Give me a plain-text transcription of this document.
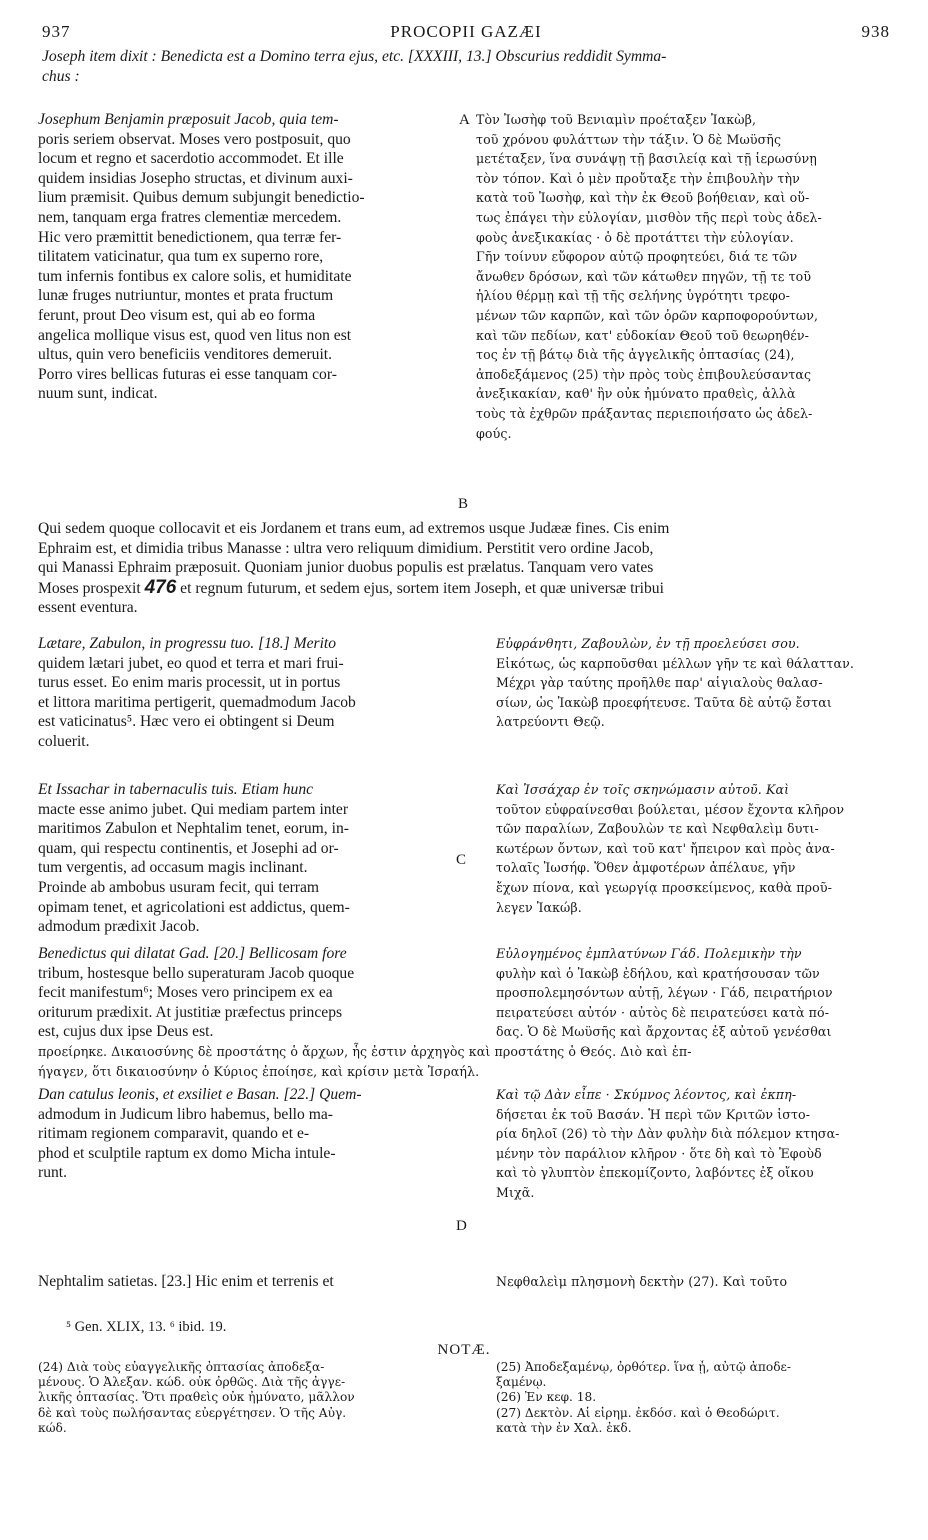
937	PROCOPII GAZÆI	938
Joseph item dixit : Benedicta est a Domino terra ejus, etc. [XXXIII, 13.] Obscurius reddidit Symma-
chus :
Josephum Benjamin præposuit Jacob, quia tem-
poris seriem observat. Moses vero postposuit, quo
locum et regno et sacerdotio accommodet. Et ille
quidem insidias Josepho structas, et divinum auxi-
lium præmisit. Quibus demum subjungit benedictio-
nem, tanquam erga fratres clementiæ mercedem.
Hic vero præmittit benedictionem, qua terræ fer-
tilitatem vaticinatur, qua tum ex superno rore,
tum infernis fontibus ex calore solis, et humiditate
lunæ fruges nutriuntur, montes et prata fructum
ferunt, prout Deo visum est, qui ab eo forma
angelica mollique visus est, quod ven litus non est
ultus, quin vero beneficiis venditores demeruit.
Porro vires bellicas futuras ei esse tanquam cor-
nuum sunt, indicat.
Τὸν Ἰωσὴφ τοῦ Βενιαμὶν προέταξεν Ἰακὼβ,
τοῦ χρόνου φυλάττων τὴν τάξιν. Ὁ δὲ Μωϋσῆς
μετέταξεν, ἵνα συνάψῃ τῇ βασιλείᾳ καὶ τῇ ἱερωσύνῃ
τὸν τόπον. Καὶ ὁ μὲν προὔταξε τὴν ἐπιβουλὴν τὴν
κατὰ τοῦ Ἰωσὴφ, καὶ τὴν ἐκ Θεοῦ βοήθειαν, καὶ οὕ-
τως ἐπάγει τὴν εὐλογίαν, μισθὸν τῆς περὶ τοὺς ἀδελ-
φοὺς ἀνεξικακίας · ὁ δὲ προτάττει τὴν εὐλογίαν.
Γῆν τοίνυν εὔφορον αὐτῷ προφητεύει, διά τε τῶν
ἄνωθεν δρόσων, καὶ τῶν κάτωθεν πηγῶν, τῇ τε τοῦ
ἡλίου θέρμῃ καὶ τῇ τῆς σελήνης ὑγρότητι τρεφο-
μένων τῶν καρπῶν, καὶ τῶν ὀρῶν καρποφορούντων,
καὶ τῶν πεδίων, κατ' εὐδοκίαν Θεοῦ τοῦ θεωρηθέν-
τος ἐν τῇ βάτῳ διὰ τῆς ἀγγελικῆς ὀπτασίας (24),
ἀποδεξάμενος (25) τὴν πρὸς τοὺς ἐπιβουλεύσαντας
ἀνεξικακίαν, καθ' ἣν οὐκ ἠμύνατο πραθεὶς, ἀλλὰ
τοὺς τὰ ἐχθρῶν πράξαντας περιεποιήσατο ὡς ἀδελ-
φούς.
A
B
Qui sedem quoque collocavit et eis Jordanem et trans eum, ad extremos usque Judææ fines. Cis enim
Ephraim est, et dimidia tribus Manasse : ultra vero reliquum dimidium. Perstitit vero ordine Jacob,
qui Manassi Ephraim præposuit. Quoniam junior duobus populis est prælatus. Tanquam vero vates
Moses prospexit 476 et regnum futurum, et sedem ejus, sortem item Joseph, et quæ universæ tribui
essent eventura.
Lætare, Zabulon, in progressu tuo. [18.] Merito
quidem lætari jubet, eo quod et terra et mari frui-
turus esset. Eo enim maris processit, ut in portus
et littora maritima pertigerit, quemadmodum Jacob
est vaticinatus⁵. Hæc vero ei obtingent si Deum
coluerit.
Εὐφράνθητι, Ζαβουλὼν, ἐν τῇ προελεύσει σου.
Εἰκότως, ὡς καρποῦσθαι μέλλων γῆν τε καὶ θάλατταν.
Μέχρι γὰρ ταύτης προῆλθε παρ' αἰγιαλοὺς θαλασ-
σίων, ὡς Ἰακὼβ προεφήτευσε. Ταῦτα δὲ αὐτῷ ἔσται
λατρεύοντι Θεῷ.
Et Issachar in tabernaculis tuis. Etiam hunc
macte esse animo jubet. Qui mediam partem inter
maritimos Zabulon et Nephtalim tenet, eorum, in-
quam, qui respectu continentis, et Josephi ad or-
tum vergentis, ad occasum magis inclinant.
Proinde ab ambobus usuram fecit, qui terram
opimam tenet, et agricolationi est addictus, quem-
admodum prædixit Jacob.
Καὶ Ἰσσάχαρ ἐν τοῖς σκηνώμασιν αὐτοῦ. Καὶ
τοῦτον εὐφραίνεσθαι βούλεται, μέσον ἔχοντα κλῆρον
τῶν παραλίων, Ζαβουλὼν τε καὶ Νεφθαλεὶμ δυτι-
κωτέρων ὄντων, καὶ τοῦ κατ' ἤπειρον καὶ πρὸς ἀνα-
τολαῖς Ἰωσήφ. Ὅθεν ἀμφοτέρων ἀπέλαυε, γῆν
ἔχων πίονα, καὶ γεωργίᾳ προσκείμενος, καθὰ προῦ-
λεγεν Ἰακώβ.
C
Benedictus qui dilatat Gad. [20.] Bellicosam fore
tribum, hostesque bello superaturam Jacob quoque
fecit manifestum⁶; Moses vero principem ex ea
oriturum prædixit. At justitiæ præfectus princeps
est, cujus dux ipse Deus est.
Εὐλογημένος ἐμπλατύνων Γάδ. Πολεμικὴν τὴν
φυλὴν καὶ ὁ Ἰακὼβ ἐδήλου, καὶ κρατήσουσαν τῶν
προσπολεμησόντων αὐτῇ, λέγων · Γάδ, πειρατήριον
πειρατεύσει αὐτόν · αὐτὸς δὲ πειρατεύσει κατὰ πό-
δας. Ὁ δὲ Μωϋσῆς καὶ ἄρχοντας ἐξ αὐτοῦ γενέσθαι
προείρηκε. Δικαιοσύνης δὲ προστάτης ὁ ἄρχων, ἧς ἐστιν ἀρχηγὸς καὶ προστάτης ὁ Θεός. Διὸ καὶ ἐπ-
ήγαγεν, ὅτι δικαιοσύνην ὁ Κύριος ἐποίησε, καὶ κρίσιν μετὰ Ἰσραήλ.
Dan catulus leonis, et exsiliet e Basan. [22.] Quem-
admodum in Judicum libro habemus, bello ma-
ritimam regionem comparavit, quando et e-
phod et sculptile raptum ex domo Micha intule-
runt.
Καὶ τῷ Δὰν εἶπε · Σκύμνος λέοντος, καὶ ἐκπη-
δήσεται ἐκ τοῦ Βασάν. Ἡ περὶ τῶν Κριτῶν ἱστο-
ρία δηλοῖ (26) τὸ τὴν Δὰν φυλὴν διὰ πόλεμον κτησα-
μένην τὸν παράλιον κλῆρον · ὅτε δὴ καὶ τὸ Ἐφοὺδ
καὶ τὸ γλυπτὸν ἐπεκομίζοντο, λαβόντες ἐξ οἴκου
Μιχᾶ.
D
Nephtalim satietas. [23.] Hic enim et terrenis et	Νεφθαλεὶμ πλησμονὴ δεκτὴν (27). Καὶ τοῦτο
⁵ Gen. XLIX, 13. ⁶ ibid. 19.
NOTÆ.
(24) Διὰ τοὺς εὐαγγελικῆς ὀπτασίας ἀποδεξα-
μένους. Ὁ Ἀλεξαν. κώδ. οὐκ ὀρθῶς. Διὰ τῆς ἀγγε-
λικῆς ὀπτασίας. Ὅτι πραθεὶς οὐκ ἠμύνατο, μᾶλλον
δὲ καὶ τοὺς πωλήσαντας εὐεργέτησεν. Ὁ τῆς Αὐγ.
κώδ.
(25) Ἀποδεξαμένῳ, ὀρθότερ. ἵνα ᾖ, αὐτῷ ἀποδε-
ξαμένῳ.
(26) Ἐν κεφ. 18.
(27) Δεκτὸν. Αἱ εἰρημ. ἐκδόσ. καὶ ὁ Θεοδώριτ.
κατὰ τὴν ἐν Χαλ. ἐκδ.
